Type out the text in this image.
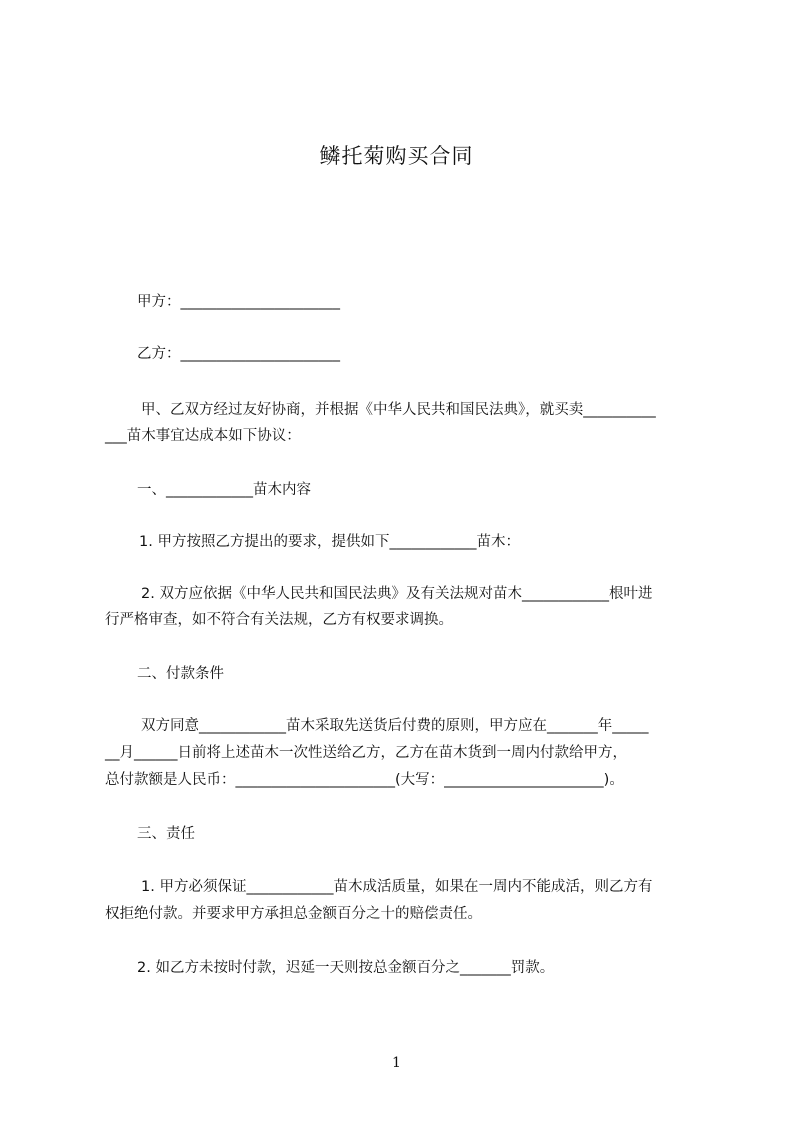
鳞托菊购买合同
甲方：______________________
乙方：______________________
甲、乙双方经过友好协商，并根据《中华人民共和国民法典》，就买卖__________
___苗木事宜达成本如下协议：
一、____________苗木内容
1. 甲方按照乙方提出的要求，提供如下____________苗木：
2. 双方应依据《中华人民共和国民法典》及有关法规对苗木____________根叶进
行严格审查，如不符合有关法规，乙方有权要求调换。
二、付款条件
双方同意____________苗木采取先送货后付费的原则，甲方应在_______年_____
__月______日前将上述苗木一次性送给乙方，乙方在苗木货到一周内付款给甲方，
总付款额是人民币：______________________(大写：______________________)。
三、责任
1. 甲方必须保证____________苗木成活质量，如果在一周内不能成活，则乙方有
权拒绝付款。并要求甲方承担总金额百分之十的赔偿责任。
2. 如乙方未按时付款，迟延一天则按总金额百分之_______罚款。
1
